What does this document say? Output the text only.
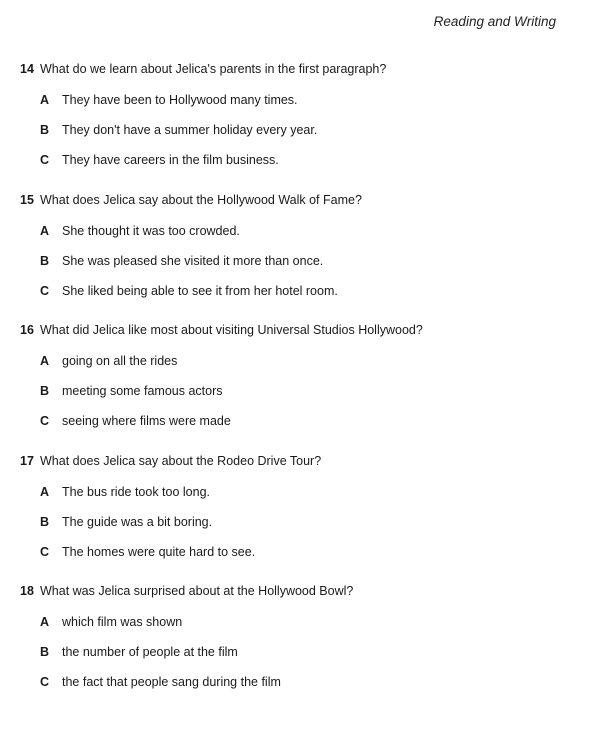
Reading and Writing
14 What do we learn about Jelica's parents in the first paragraph?
A They have been to Hollywood many times.
B They don't have a summer holiday every year.
C They have careers in the film business.
15 What does Jelica say about the Hollywood Walk of Fame?
A She thought it was too crowded.
B She was pleased she visited it more than once.
C She liked being able to see it from her hotel room.
16 What did Jelica like most about visiting Universal Studios Hollywood?
A going on all the rides
B meeting some famous actors
C seeing where films were made
17 What does Jelica say about the Rodeo Drive Tour?
A The bus ride took too long.
B The guide was a bit boring.
C The homes were quite hard to see.
18 What was Jelica surprised about at the Hollywood Bowl?
A which film was shown
B the number of people at the film
C the fact that people sang during the film
